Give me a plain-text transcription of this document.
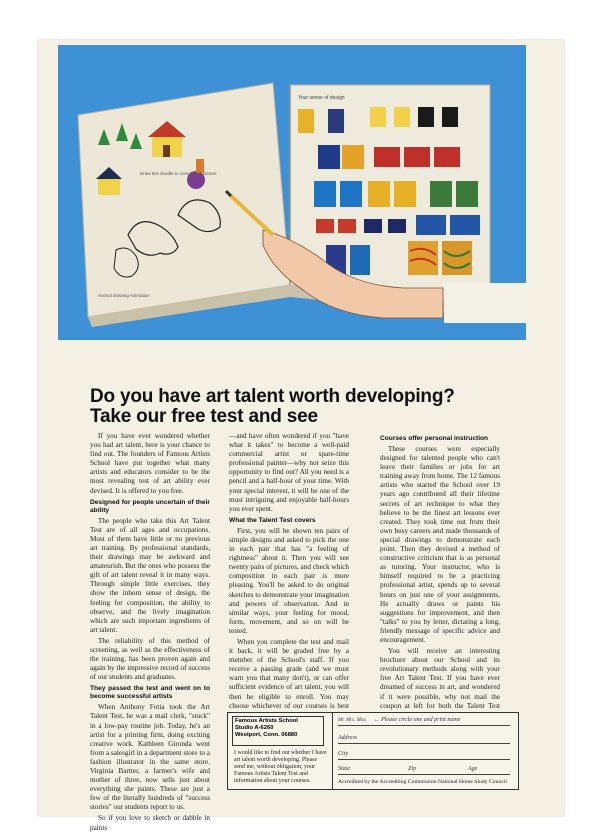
Draw this doodle to complete a picture
Animal drawing Animation
Your sense of design
Do you have art talent worth developing?
Take our free test and see

If you have ever wondered whether you had art talent, here is your chance to find out. The founders of Famous Artists School have put together what many artists and educators consider to be the most revealing test of art ability ever devised. It is offered to you free.

Designed for people uncertain of their ability

The people who take this Art Talent Test are of all ages and occupations. Most of them have little or no previous art training. By professional standards, their drawings may be awkward and amateurish. But the ones who possess the gift of art talent reveal it in many ways. Through simple little exercises, they show the inborn sense of design, the feeling for composition, the ability to observe, and the lively imagination which are such important ingredients of art talent.

The reliability of this method of screening, as well as the effectiveness of the training, has been proven again and again by the impressive record of success of our students and graduates.

They passed the test and went on to become successful artists

When Anthony Fotia took the Art Talent Test, he was a mail clerk, "stuck" in a low-pay routine job. Today, he's an artist for a printing firm, doing exciting creative work. Kathleen Gironda went from a salesgirl in a department store to a fashion illustrator in the same store. Virginia Bartter, a farmer's wife and mother of three, now sells just about everything she paints. These are just a few of the literally hundreds of "success stories" our students report to us.

So if you love to sketch or dabble in paints

—and have often wondered if you "have what it takes" to become a well-paid commercial artist or spare-time professional painter—why not seize this opportunity to find out? All you need is a pencil and a half-hour of your time. With your special interest, it will be one of the most intriguing and enjoyable half-hours you ever spent.

What the Talent Test covers

First, you will be shown ten pairs of simple designs and asked to pick the one in each pair that has "a feeling of rightness" about it. Then you will see twenty pairs of pictures, and check which composition in each pair is more pleasing. You'll be asked to do original sketches to demonstrate your imagination and powers of observation. And in similar ways, your feeling for mood, form, movement, and so on will be tested.

When you complete the test and mail it back, it will be graded free by a member of the School's staff. If you receive a passing grade (and we must warn you that many don't), or can offer sufficient evidence of art talent, you will then be eligible to enroll. You may choose whichever of our courses is best

Courses offer personal instruction

These courses were especially designed for talented people who can't leave their families or jobs for art training away from home. The 12 famous artists who started the School over 19 years ago contributed all their lifetime secrets of art technique to what they believe to be the finest art lessons ever created. They took time out from their own busy careers and made thousands of special drawings to demonstrate each point. Then they devised a method of constructive criticism that is as personal as tutoring. Your instructor, who is himself required to be a practicing professional artist, spends up to several hours on just one of your assignments. He actually draws or paints his suggestions for improvement, and then "talks" to you by letter, dictating a long, friendly message of specific advice and encouragement.

You will receive an interesting brochure about our School and its revolutionary methods along with your free Art Talent Test. If you have ever dreamed of success in art, and wondered if it were possible, why not mail the coupon at left for both the Talent Test

Famous Artists School
Studio A-6260
Westport, Conn. 06880
I would like to find out whether I have art talent worth developing. Please send me, without obligation, your Famous Artists Talent Test and information about your courses.
Mr. Mrs. Miss ← Please circle one and print name
Address
City
State	Zip	Age
Accredited by the Accrediting Commission National Home Study Council
